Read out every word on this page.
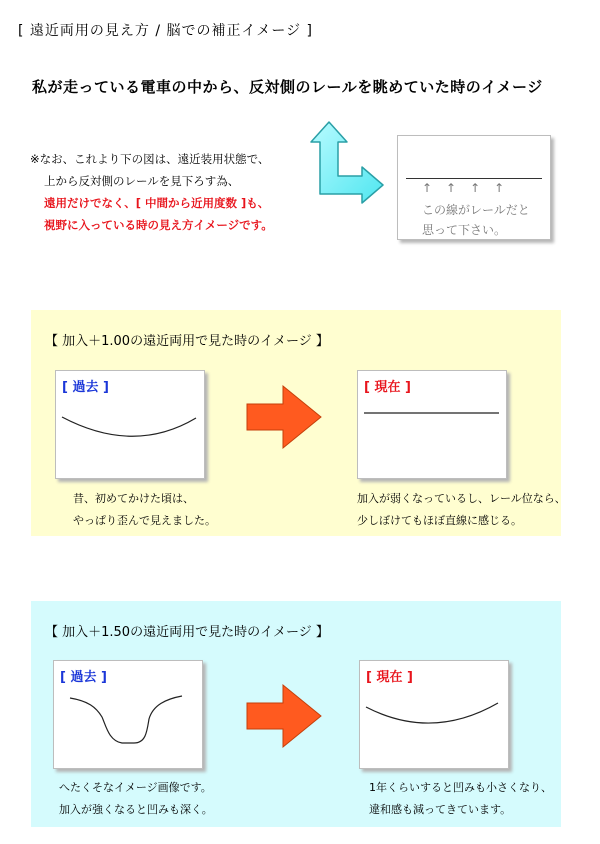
[ 遠近両用の見え方 / 脳での補正イメージ ]
私が走っている電車の中から、反対側のレールを眺めていた時のイメージ
※なお、これより下の図は、遠近装用状態で、
上から反対側のレールを見下ろす為、
遠用だけでなく、[ 中間から近用度数 ]も、
視野に入っている時の見え方イメージです。
↑↑↑↑
この線がレールだと
思って下さい。
【 加入＋1.00の遠近両用で見た時のイメージ 】
[ 過去 ]	[ 現在 ]
昔、初めてかけた頃は、
やっぱり歪んで見えました。
加入が弱くなっているし、レール位なら、
少しぼけてもほぼ直線に感じる。
【 加入＋1.50の遠近両用で見た時のイメージ 】
[ 過去 ]	[ 現在 ]
へたくそなイメージ画像です。
加入が強くなると凹みも深く。
1年くらいすると凹みも小さくなり、
違和感も減ってきています。
